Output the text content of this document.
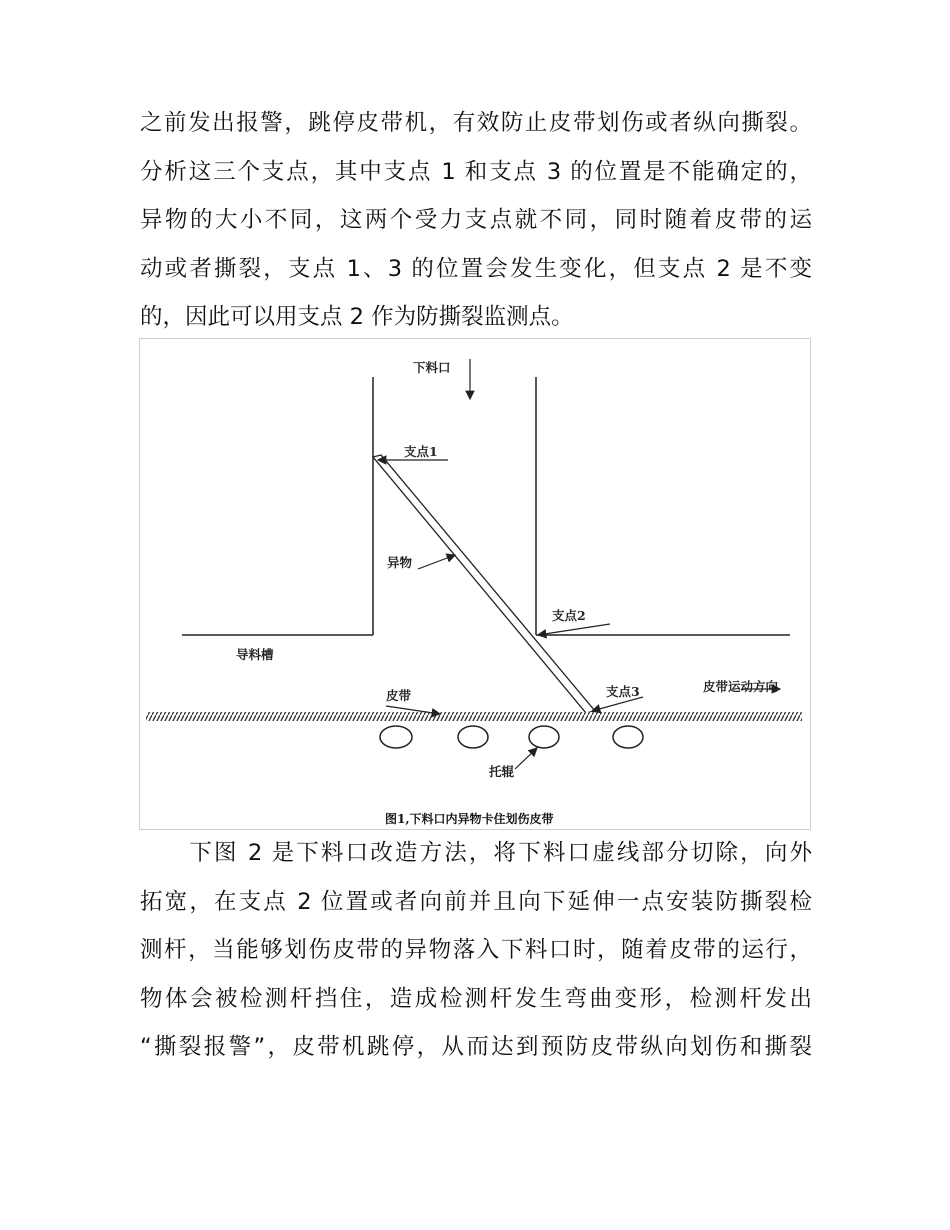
之前发出报警，跳停皮带机，有效防止皮带划伤或者纵向撕裂。
分析这三个支点，其中支点 1 和支点 3 的位置是不能确定的，
异物的大小不同，这两个受力支点就不同，同时随着皮带的运
动或者撕裂，支点 1、3 的位置会发生变化，但支点 2 是不变
的，因此可以用支点 2 作为防撕裂监测点。
下料口
支点1
异物
支点2
导料槽
皮带	支点3	皮带运动方向
托辊
图1,下料口内异物卡住划伤皮带
　　下图 2 是下料口改造方法，将下料口虚线部分切除，向外
拓宽，在支点 2 位置或者向前并且向下延伸一点安装防撕裂检
测杆，当能够划伤皮带的异物落入下料口时，随着皮带的运行，
物体会被检测杆挡住，造成检测杆发生弯曲变形，检测杆发出
“撕裂报警”，皮带机跳停，从而达到预防皮带纵向划伤和撕裂
